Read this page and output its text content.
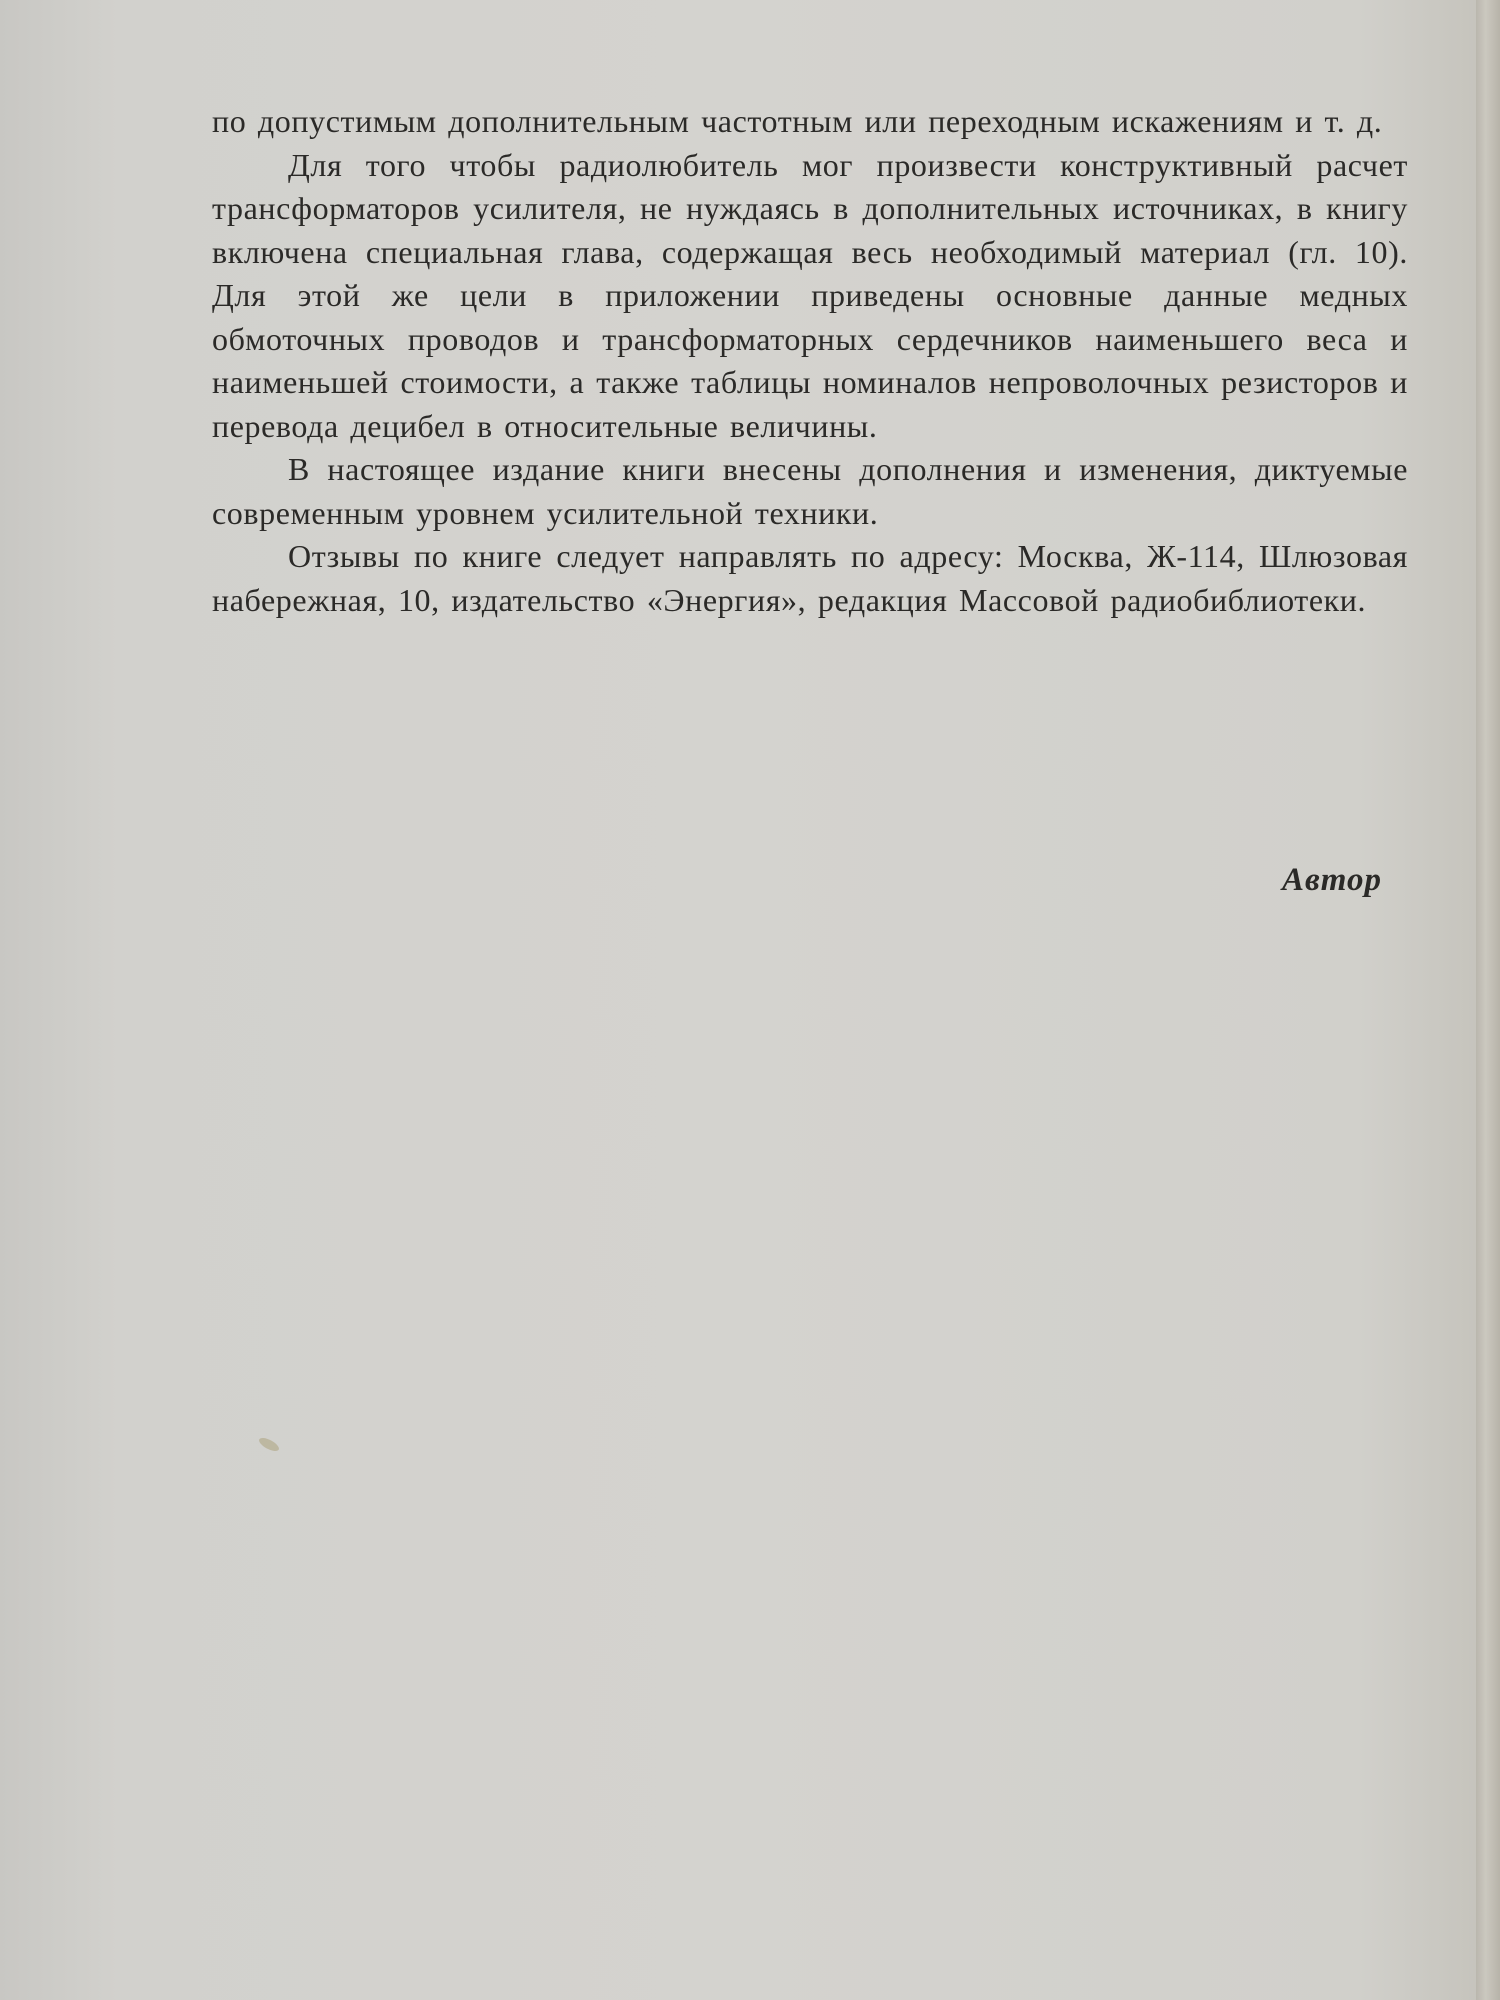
по допустимым дополнительным частотным или переходным искажениям и т. д.

Для того чтобы радиолюбитель мог произвести конструктивный расчет трансформаторов усилителя, не нуждаясь в дополнительных источниках, в книгу включена специальная глава, содержащая весь необходимый материал (гл. 10). Для этой же цели в приложении приведены основные данные медных обмоточных проводов и трансформаторных сердечников наименьшего веса и наименьшей стоимости, а также таблицы номиналов непроволочных резисторов и перевода децибел в относительные величины.

В настоящее издание книги внесены дополнения и изменения, диктуемые современным уровнем усилительной техники.

Отзывы по книге следует направлять по адресу: Москва, Ж-114, Шлюзовая набережная, 10, издательство «Энергия», редакция Массовой радиобиблиотеки.

Автор
